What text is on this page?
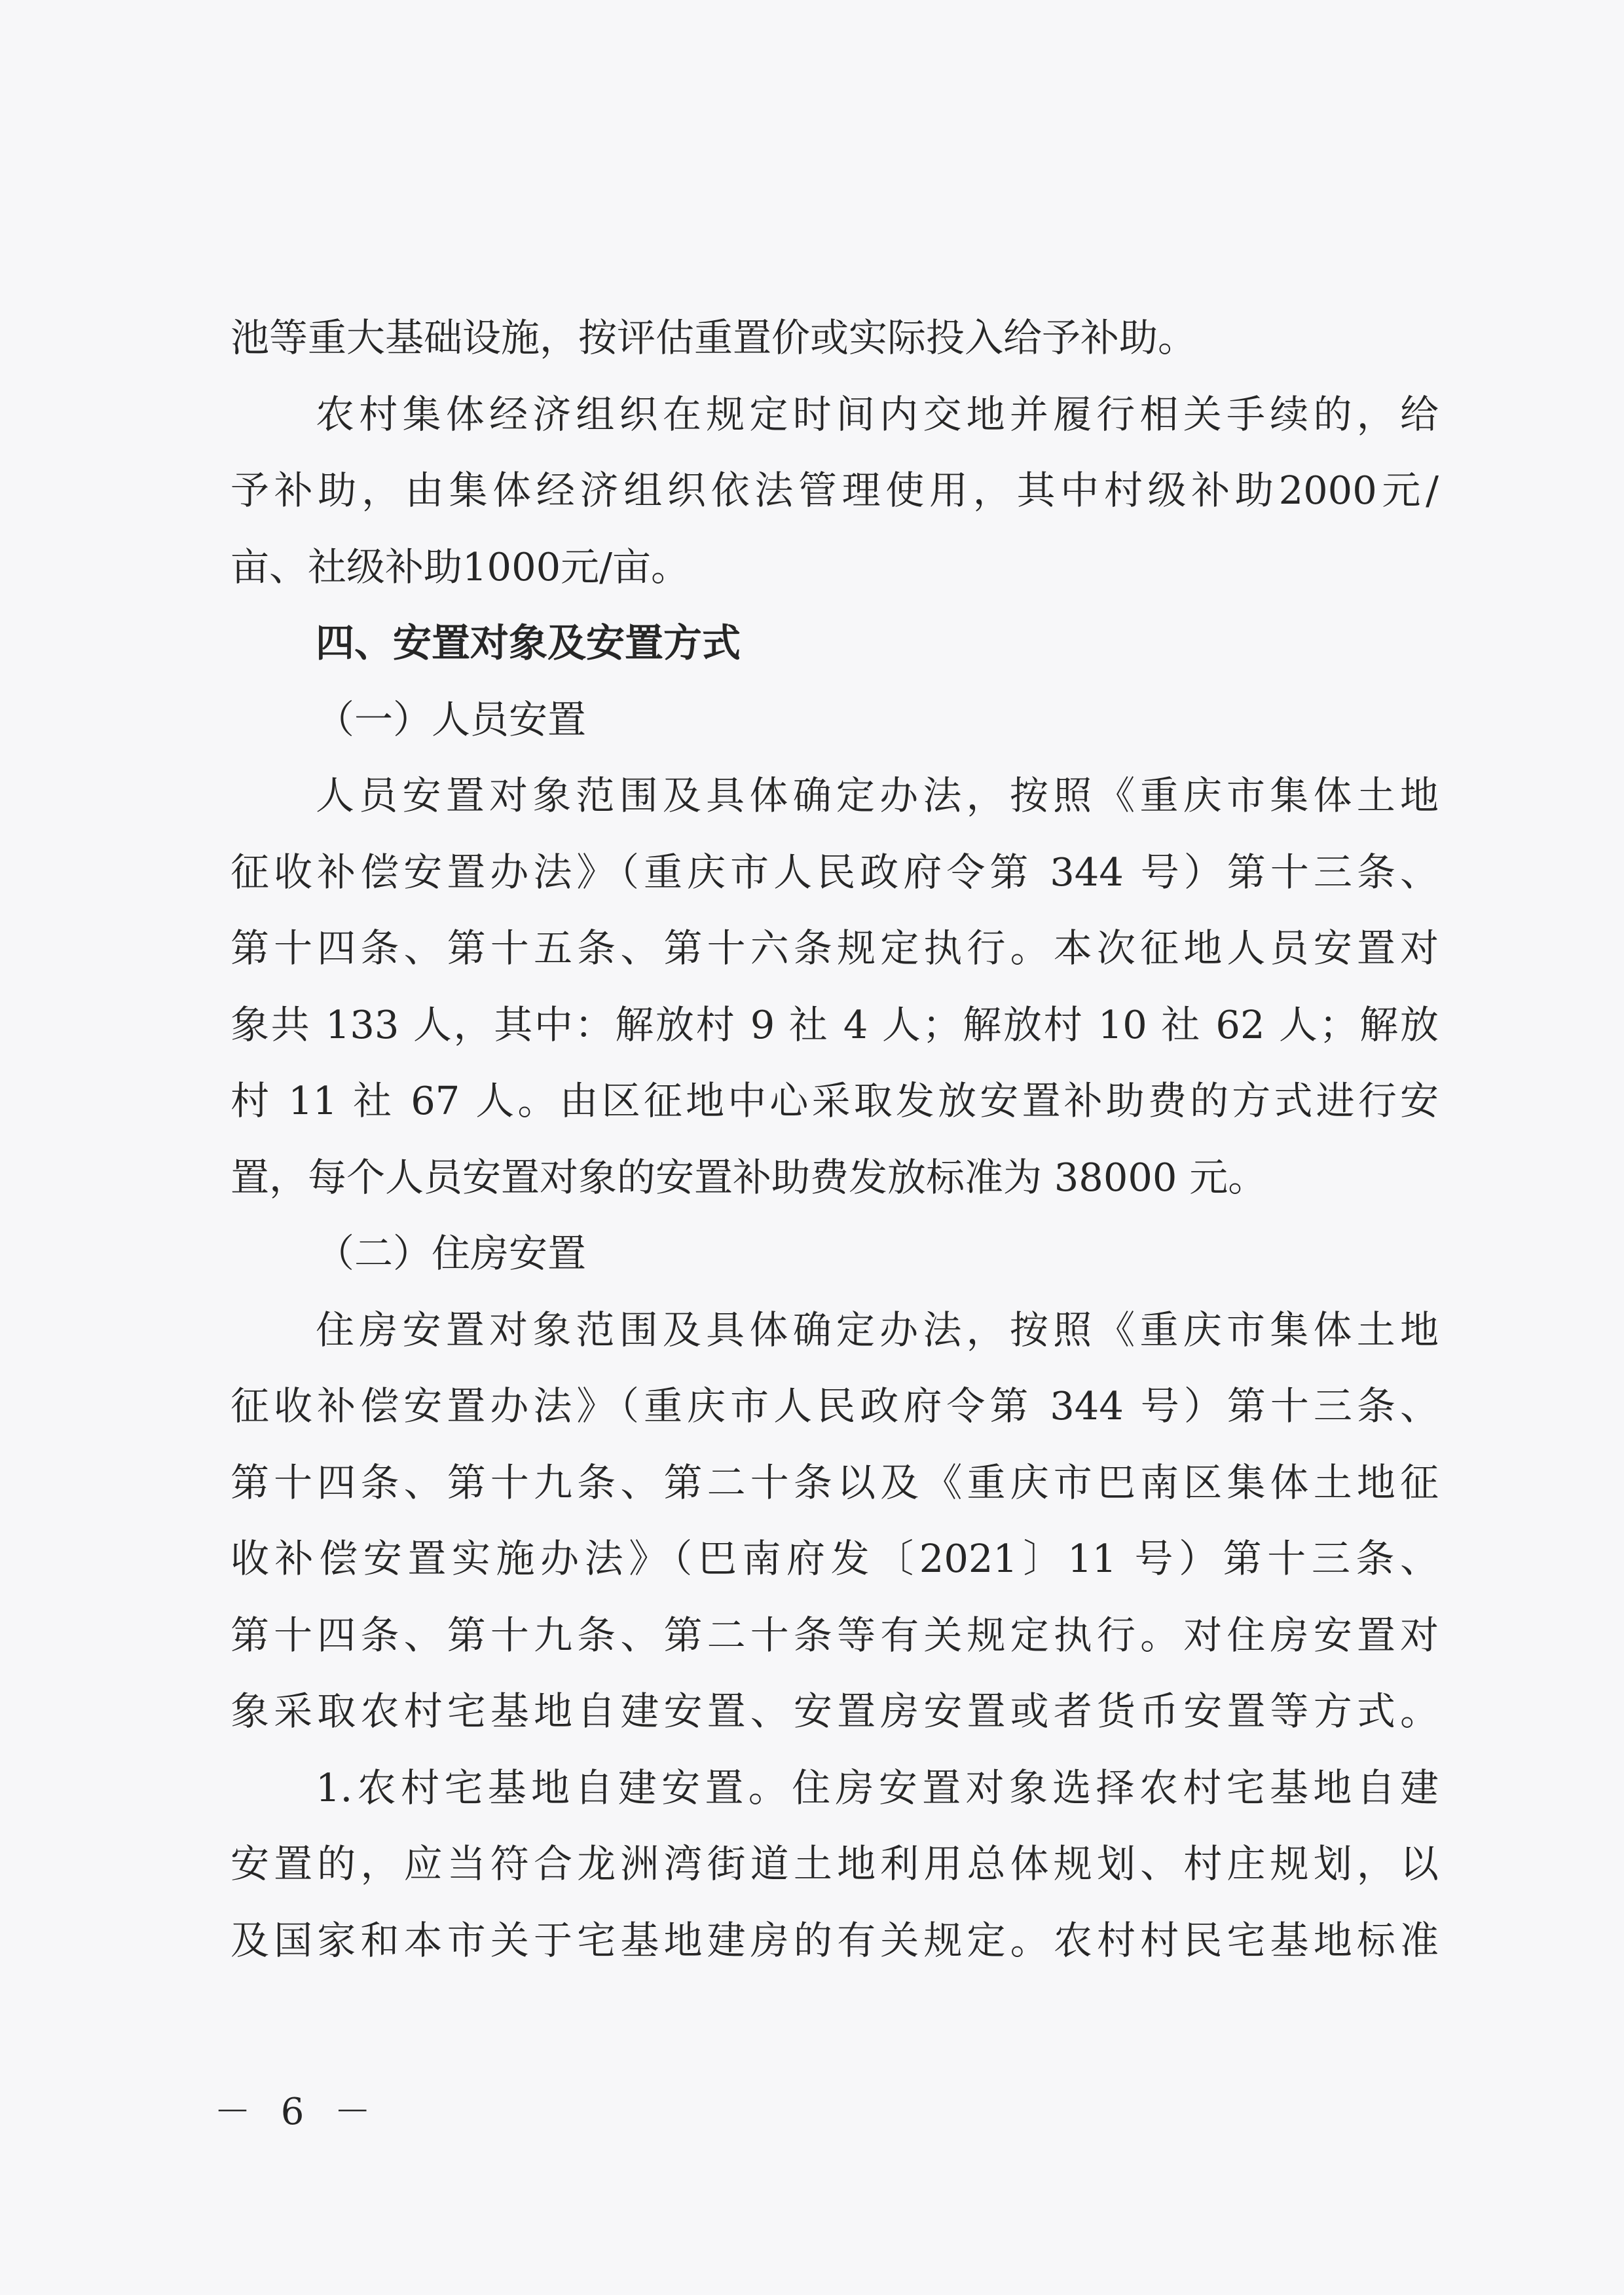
池等重大基础设施，按评估重置价或实际投入给予补助。
农村集体经济组织在规定时间内交地并履行相关手续的，给
予补助，由集体经济组织依法管理使用，其中村级补助2000元/
亩、社级补助1000元/亩。
四、安置对象及安置方式
（一）人员安置
人员安置对象范围及具体确定办法，按照《重庆市集体土地
征收补偿安置办法》（重庆市人民政府令第 344 号）第十三条、
第十四条、第十五条、第十六条规定执行。本次征地人员安置对
象共 133 人，其中：解放村 9 社 4 人；解放村 10 社 62 人；解放
村 11 社 67 人。由区征地中心采取发放安置补助费的方式进行安
置，每个人员安置对象的安置补助费发放标准为 38000 元。
（二）住房安置
住房安置对象范围及具体确定办法，按照《重庆市集体土地
征收补偿安置办法》（重庆市人民政府令第 344 号）第十三条、
第十四条、第十九条、第二十条以及《重庆市巴南区集体土地征
收补偿安置实施办法》（巴南府发〔2021〕11 号）第十三条、
第十四条、第十九条、第二十条等有关规定执行。对住房安置对
象采取农村宅基地自建安置、安置房安置或者货币安置等方式。
1.农村宅基地自建安置。住房安置对象选择农村宅基地自建
安置的，应当符合龙洲湾街道土地利用总体规划、村庄规划，以
及国家和本市关于宅基地建房的有关规定。农村村民宅基地标准
－ 6 －
